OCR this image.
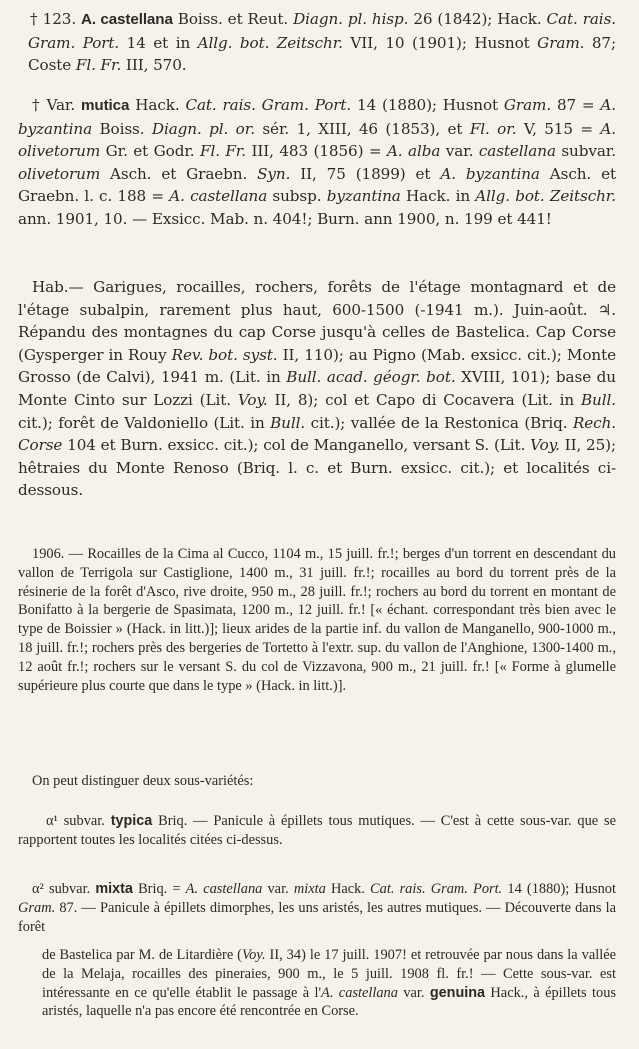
† 123. A. castellana Boiss. et Reut. Diagn. pl. hisp. 26 (1842); Hack. Cat. rais. Gram. Port. 14 et in Allg. bot. Zeitschr. VII, 10 (1901); Husnot Gram. 87; Coste Fl. Fr. III, 570.

† Var. mutica Hack. Cat. rais. Gram. Port. 14 (1880); Husnot Gram. 87 = A. byzantina Boiss. Diagn. pl. or. sér. 1, XIII, 46 (1853), et Fl. or. V, 515 = A. olivetorum Gr. et Godr. Fl. Fr. III, 483 (1856) = A. alba var. castellana subvar. olivetorum Asch. et Graebn. Syn. II, 75 (1899) et A. byzantina Asch. et Graebn. l. c. 188 = A. castellana subsp. byzantina Hack. in Allg. bot. Zeitschr. ann. 1901, 10. — Exsicc. Mab. n. 404!; Burn. ann 1900, n. 199 et 441!

Hab.— Garigues, rocailles, rochers, forêts de l'étage montagnard et de l'étage subalpin, rarement plus haut, 600-1500 (-1941 m.). Juin-août. ♃. Répandu des montagnes du cap Corse jusqu'à celles de Bastelica. Cap Corse (Gysperger in Rouy Rev. bot. syst. II, 110); au Pigno (Mab. exsicc. cit.); Monte Grosso (de Calvi), 1941 m. (Lit. in Bull. acad. géogr. bot. XVIII, 101); base du Monte Cinto sur Lozzi (Lit. Voy. II, 8); col et Capo di Cocavera (Lit. in Bull. cit.); forêt de Valdoniello (Lit. in Bull. cit.); vallée de la Restonica (Briq. Rech. Corse 104 et Burn. exsicc. cit.); col de Manganello, versant S. (Lit. Voy. II, 25); hêtraies du Monte Renoso (Briq. l. c. et Burn. exsicc. cit.); et localités ci-dessous.

1906. — Rocailles de la Cima al Cucco, 1104 m., 15 juill. fr.!; berges d'un torrent en descendant du vallon de Terrigola sur Castiglione, 1400 m., 31 juill. fr.!; rocailles au bord du torrent près de la résinerie de la forêt d'Asco, rive droite, 950 m., 28 juill. fr.!; rochers au bord du torrent en montant de Bonifatto à la bergerie de Spasimata, 1200 m., 12 juill. fr.! [« échant. correspondant très bien avec le type de Boissier » (Hack. in litt.)]; lieux arides de la partie inf. du vallon de Manganello, 900-1000 m., 18 juill. fr.!; rochers près des bergeries de Tortetto à l'extr. sup. du vallon de l'Anghione, 1300-1400 m., 12 août fr.!; rochers sur le versant S. du col de Vizzavona, 900 m., 21 juill. fr.! [« Forme à glumelle supérieure plus courte que dans le type » (Hack. in litt.)].

On peut distinguer deux sous-variétés:

α¹ subvar. typica Briq. — Panicule à épillets tous mutiques. — C'est à cette sous-var. que se rapportent toutes les localités citées ci-dessus.

α² subvar. mixta Briq. = A. castellana var. mixta Hack. Cat. rais. Gram. Port. 14 (1880); Husnot Gram. 87. — Panicule à épillets dimorphes, les uns aristés, les autres mutiques. — Découverte dans la forêt

de Bastelica par M. de Litardière (Voy. II, 34) le 17 juill. 1907! et retrouvée par nous dans la vallée de la Melaja, rocailles des pineraies, 900 m., le 5 juill. 1908 fl. fr.! — Cette sous-var. est intéressante en ce qu'elle établit le passage à l'A. castellana var. genuina Hack., à épillets tous aristés, laquelle n'a pas encore été rencontrée en Corse.
